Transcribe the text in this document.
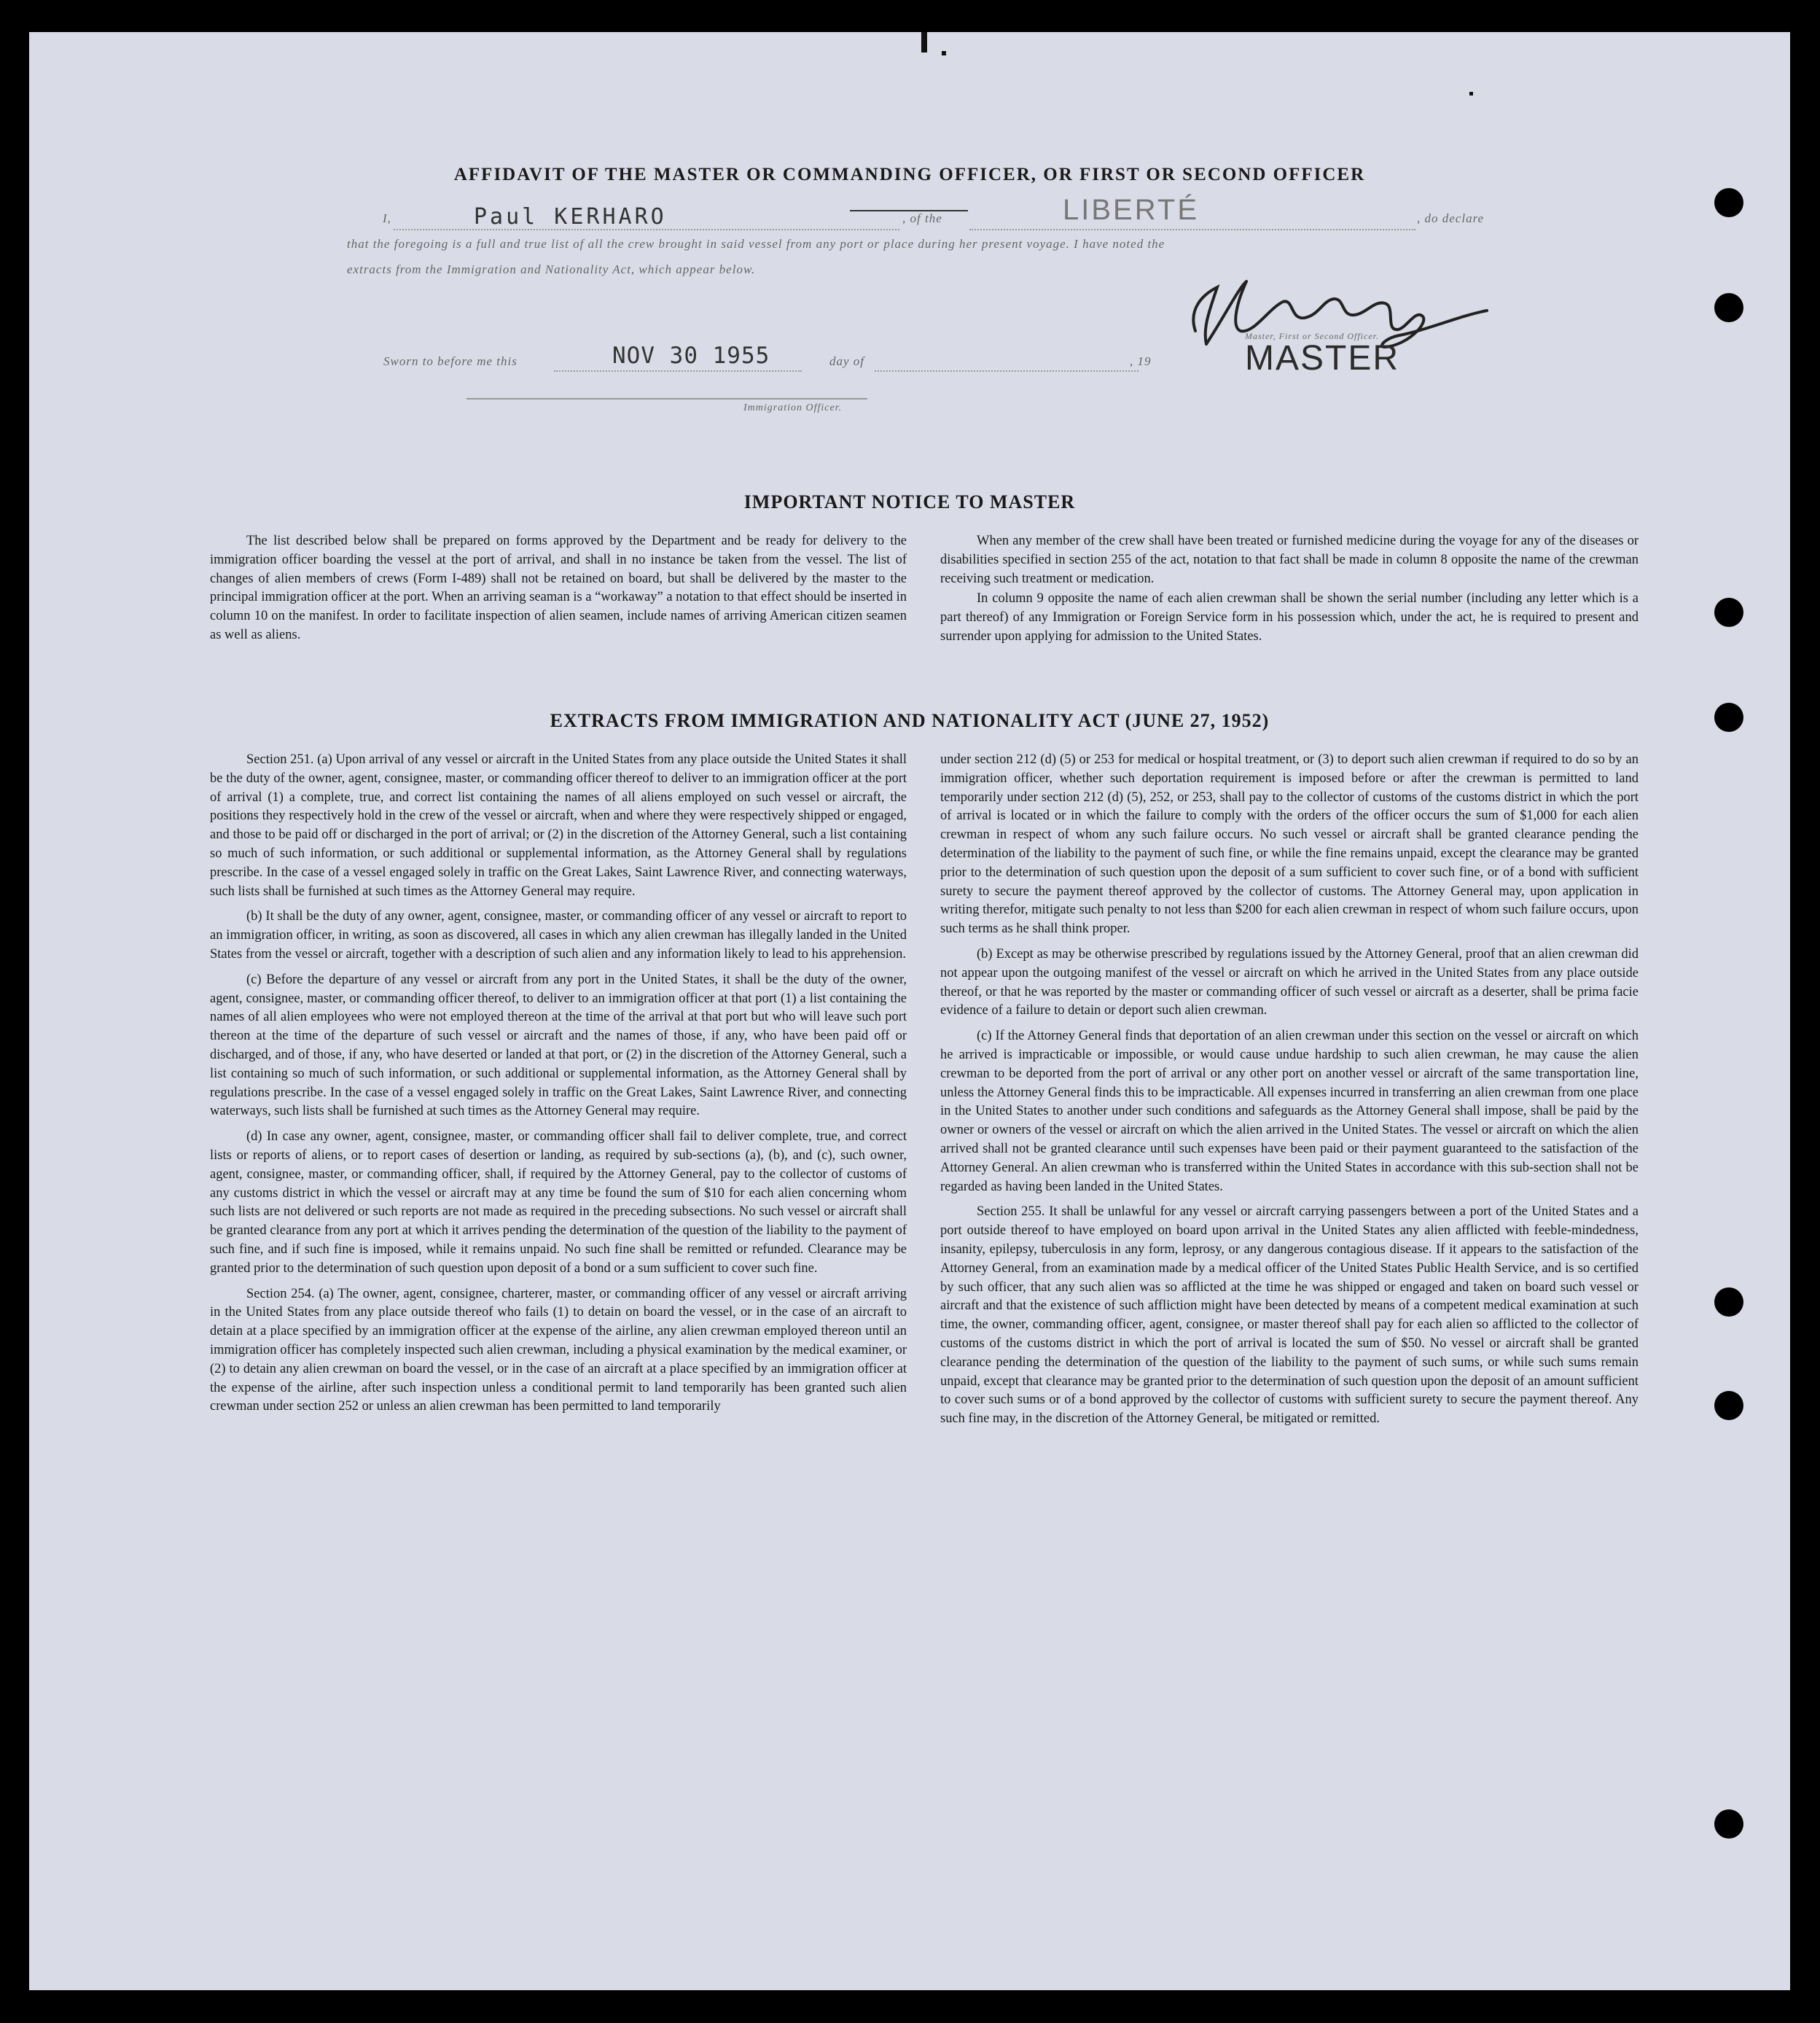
AFFIDAVIT OF THE MASTER OR COMMANDING OFFICER, OR FIRST OR SECOND OFFICER
I,	Paul KERHARO	, of the	LIBERTÉ	, do declare
that the foregoing is a full and true list of all the crew brought in said vessel from any port or place during her present voyage. I have noted the
extracts from the Immigration and Nationality Act, which appear below.
Master, First or Second Officer.
MASTER
Sworn to before me this	NOV 30 1955	day of	, 19
Immigration Officer.
IMPORTANT NOTICE TO MASTER

The list described below shall be prepared on forms approved by the Department and be ready for delivery to the immigration officer boarding the vessel at the port of arrival, and shall in no instance be taken from the vessel. The list of changes of alien members of crews (Form I-489) shall not be retained on board, but shall be delivered by the master to the principal immigration officer at the port. When an arriving seaman is a “workaway” a notation to that effect should be inserted in column 10 on the manifest. In order to facilitate inspection of alien seamen, include names of arriving American citizen seamen as well as aliens.

When any member of the crew shall have been treated or furnished medicine during the voyage for any of the diseases or disabilities specified in section 255 of the act, notation to that fact shall be made in column 8 opposite the name of the crewman receiving such treatment or medication.

In column 9 opposite the name of each alien crewman shall be shown the serial number (including any letter which is a part thereof) of any Immigration or Foreign Service form in his possession which, under the act, he is required to present and surrender upon applying for admission to the United States.

EXTRACTS FROM IMMIGRATION AND NATIONALITY ACT (JUNE 27, 1952)

Section 251. (a) Upon arrival of any vessel or aircraft in the United States from any place outside the United States it shall be the duty of the owner, agent, consignee, master, or commanding officer thereof to deliver to an immigration officer at the port of arrival (1) a complete, true, and correct list containing the names of all aliens employed on such vessel or aircraft, the positions they respectively hold in the crew of the vessel or aircraft, when and where they were respectively shipped or engaged, and those to be paid off or discharged in the port of arrival; or (2) in the discretion of the Attorney General, such a list containing so much of such information, or such additional or supplemental information, as the Attorney General shall by regulations prescribe. In the case of a vessel engaged solely in traffic on the Great Lakes, Saint Lawrence River, and connecting waterways, such lists shall be furnished at such times as the Attorney General may require.

(b) It shall be the duty of any owner, agent, consignee, master, or commanding officer of any vessel or aircraft to report to an immigration officer, in writing, as soon as discovered, all cases in which any alien crewman has illegally landed in the United States from the vessel or aircraft, together with a description of such alien and any information likely to lead to his apprehension.

(c) Before the departure of any vessel or aircraft from any port in the United States, it shall be the duty of the owner, agent, consignee, master, or commanding officer thereof, to deliver to an immigration officer at that port (1) a list containing the names of all alien employees who were not employed thereon at the time of the arrival at that port but who will leave such port thereon at the time of the departure of such vessel or aircraft and the names of those, if any, who have been paid off or discharged, and of those, if any, who have deserted or landed at that port, or (2) in the discretion of the Attorney General, such a list containing so much of such information, or such additional or supplemental information, as the Attorney General shall by regulations prescribe. In the case of a vessel engaged solely in traffic on the Great Lakes, Saint Lawrence River, and connecting waterways, such lists shall be furnished at such times as the Attorney General may require.

(d) In case any owner, agent, consignee, master, or commanding officer shall fail to deliver complete, true, and correct lists or reports of aliens, or to report cases of desertion or landing, as required by sub-sections (a), (b), and (c), such owner, agent, consignee, master, or commanding officer, shall, if required by the Attorney General, pay to the collector of customs of any customs district in which the vessel or aircraft may at any time be found the sum of $10 for each alien concerning whom such lists are not delivered or such reports are not made as required in the preceding subsections. No such vessel or aircraft shall be granted clearance from any port at which it arrives pending the determination of the question of the liability to the payment of such fine, and if such fine is imposed, while it remains unpaid. No such fine shall be remitted or refunded. Clearance may be granted prior to the determination of such question upon deposit of a bond or a sum sufficient to cover such fine.

Section 254. (a) The owner, agent, consignee, charterer, master, or commanding officer of any vessel or aircraft arriving in the United States from any place outside thereof who fails (1) to detain on board the vessel, or in the case of an aircraft to detain at a place specified by an immigration officer at the expense of the airline, any alien crewman employed thereon until an immigration officer has completely inspected such alien crewman, including a physical examination by the medical examiner, or (2) to detain any alien crewman on board the vessel, or in the case of an aircraft at a place specified by an immigration officer at the expense of the airline, after such inspection unless a conditional permit to land temporarily has been granted such alien crewman under section 252 or unless an alien crewman has been permitted to land temporarily

under section 212 (d) (5) or 253 for medical or hospital treatment, or (3) to deport such alien crewman if required to do so by an immigration officer, whether such deportation requirement is imposed before or after the crewman is permitted to land temporarily under section 212 (d) (5), 252, or 253, shall pay to the collector of customs of the customs district in which the port of arrival is located or in which the failure to comply with the orders of the officer occurs the sum of $1,000 for each alien crewman in respect of whom any such failure occurs. No such vessel or aircraft shall be granted clearance pending the determination of the liability to the payment of such fine, or while the fine remains unpaid, except the clearance may be granted prior to the determination of such question upon the deposit of a sum sufficient to cover such fine, or of a bond with sufficient surety to secure the payment thereof approved by the collector of customs. The Attorney General may, upon application in writing therefor, mitigate such penalty to not less than $200 for each alien crewman in respect of whom such failure occurs, upon such terms as he shall think proper.

(b) Except as may be otherwise prescribed by regulations issued by the Attorney General, proof that an alien crewman did not appear upon the outgoing manifest of the vessel or aircraft on which he arrived in the United States from any place outside thereof, or that he was reported by the master or commanding officer of such vessel or aircraft as a deserter, shall be prima facie evidence of a failure to detain or deport such alien crewman.

(c) If the Attorney General finds that deportation of an alien crewman under this section on the vessel or aircraft on which he arrived is impracticable or impossible, or would cause undue hardship to such alien crewman, he may cause the alien crewman to be deported from the port of arrival or any other port on another vessel or aircraft of the same transportation line, unless the Attorney General finds this to be impracticable. All expenses incurred in transferring an alien crewman from one place in the United States to another under such conditions and safeguards as the Attorney General shall impose, shall be paid by the owner or owners of the vessel or aircraft on which the alien arrived in the United States. The vessel or aircraft on which the alien arrived shall not be granted clearance until such expenses have been paid or their payment guaranteed to the satisfaction of the Attorney General. An alien crewman who is transferred within the United States in accordance with this sub-section shall not be regarded as having been landed in the United States.

Section 255. It shall be unlawful for any vessel or aircraft carrying passengers between a port of the United States and a port outside thereof to have employed on board upon arrival in the United States any alien afflicted with feeble-mindedness, insanity, epilepsy, tuberculosis in any form, leprosy, or any dangerous contagious disease. If it appears to the satisfaction of the Attorney General, from an examination made by a medical officer of the United States Public Health Service, and is so certified by such officer, that any such alien was so afflicted at the time he was shipped or engaged and taken on board such vessel or aircraft and that the existence of such affliction might have been detected by means of a competent medical examination at such time, the owner, commanding officer, agent, consignee, or master thereof shall pay for each alien so afflicted to the collector of customs of the customs district in which the port of arrival is located the sum of $50. No vessel or aircraft shall be granted clearance pending the determination of the question of the liability to the payment of such sums, or while such sums remain unpaid, except that clearance may be granted prior to the determination of such question upon the deposit of an amount sufficient to cover such sums or of a bond approved by the collector of customs with sufficient surety to secure the payment thereof. Any such fine may, in the discretion of the Attorney General, be mitigated or remitted.
